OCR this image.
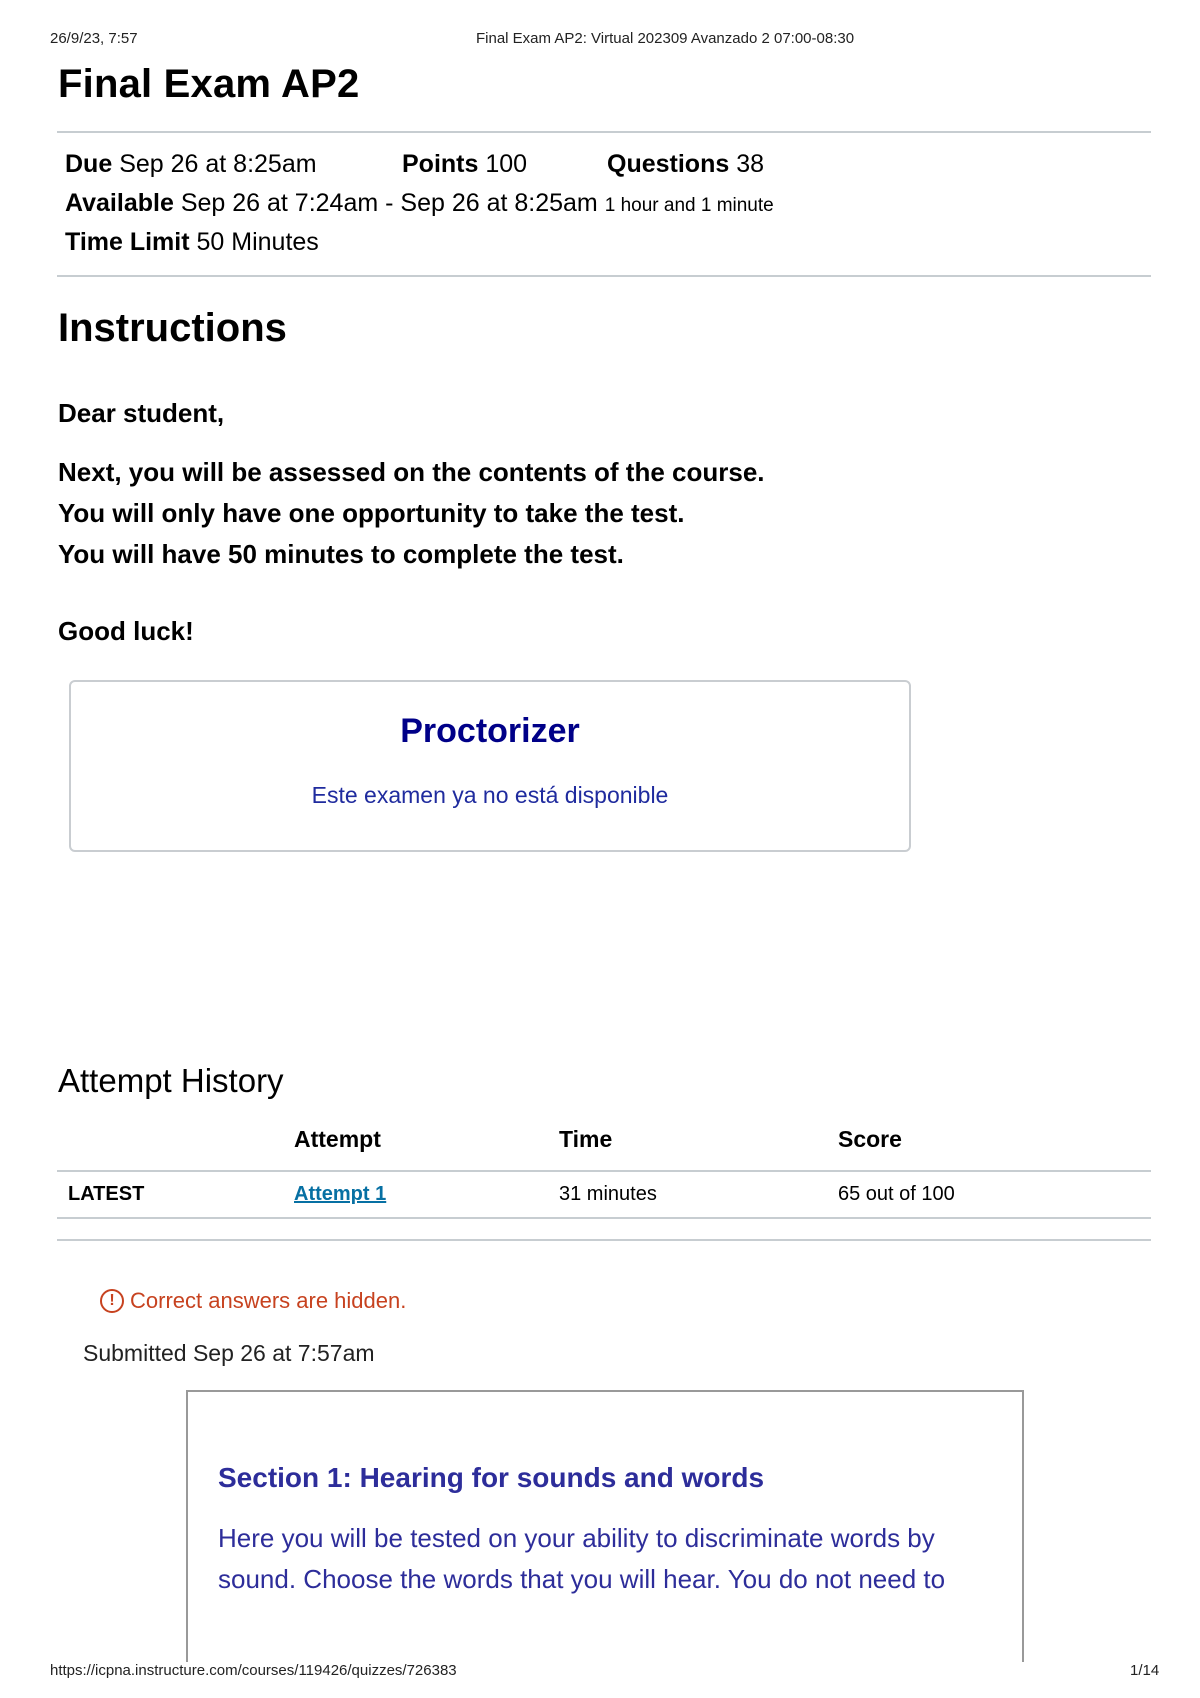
26/9/23, 7:57	Final Exam AP2: Virtual 202309 Avanzado 2 07:00-08:30
Final Exam AP2
Due Sep 26 at 8:25am	Points 100	Questions 38
Available Sep 26 at 7:24am - Sep 26 at 8:25am 1 hour and 1 minute
Time Limit 50 Minutes
Instructions
Dear student,
Next, you will be assessed on the contents of the course.
You will only have one opportunity to take the test.
You will have 50 minutes to complete the test.
Good luck!
Proctorizer
Este examen ya no está disponible
Attempt History
	Attempt	Time	Score
LATEST	Attempt 1	31 minutes	65 out of 100
! Correct answers are hidden.
Submitted Sep 26 at 7:57am
Section 1: Hearing for sounds and words
Here you will be tested on your ability to discriminate words by sound. Choose the words that you will hear. You do not need to
https://icpna.instructure.com/courses/119426/quizzes/726383	1/14
